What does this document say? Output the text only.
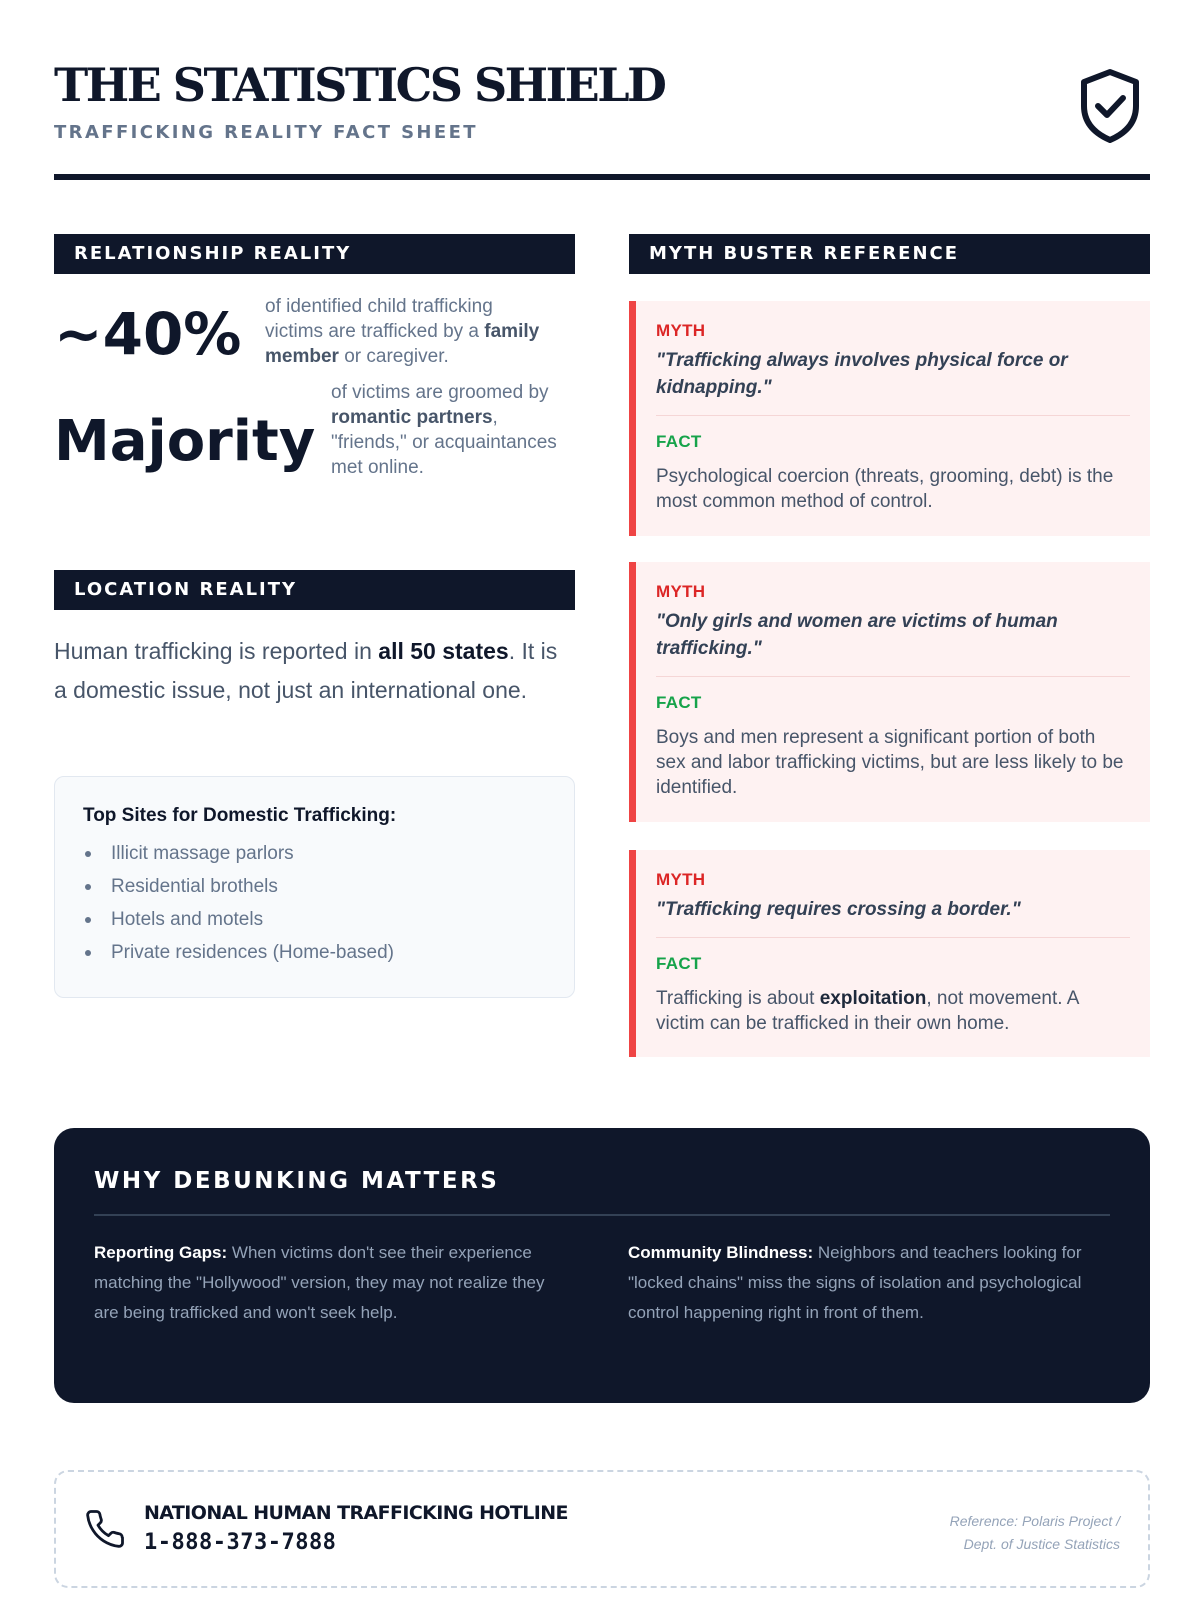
THE STATISTICS SHIELD
TRAFFICKING REALITY FACT SHEET
RELATIONSHIP REALITY
~40% of identified child trafficking victims are trafficked by a family member or caregiver.
Majority
of victims are groomed by romantic partners, "friends," or acquaintances met online.
LOCATION REALITY
Human trafficking is reported in all 50 states. It is a domestic issue, not just an international one.
Top Sites for Domestic Trafficking:
Illicit massage parlors
Residential brothels
Hotels and motels
Private residences (Home-based)
MYTH BUSTER REFERENCE
MYTH
"Trafficking always involves physical force or kidnapping."
FACT
Psychological coercion (threats, grooming, debt) is the most common method of control.
MYTH
"Only girls and women are victims of human trafficking."
FACT
Boys and men represent a significant portion of both sex and labor trafficking victims, but are less likely to be identified.
MYTH
"Trafficking requires crossing a border."
FACT
Trafficking is about exploitation, not movement. A victim can be trafficked in their own home.
WHY DEBUNKING MATTERS
Reporting Gaps: When victims don't see their experience matching the "Hollywood" version, they may not realize they are being trafficked and won't seek help.
Community Blindness: Neighbors and teachers looking for "locked chains" miss the signs of isolation and psychological control happening right in front of them.
NATIONAL HUMAN TRAFFICKING HOTLINE
1-888-373-7888
Reference: Polaris Project /
Dept. of Justice Statistics
